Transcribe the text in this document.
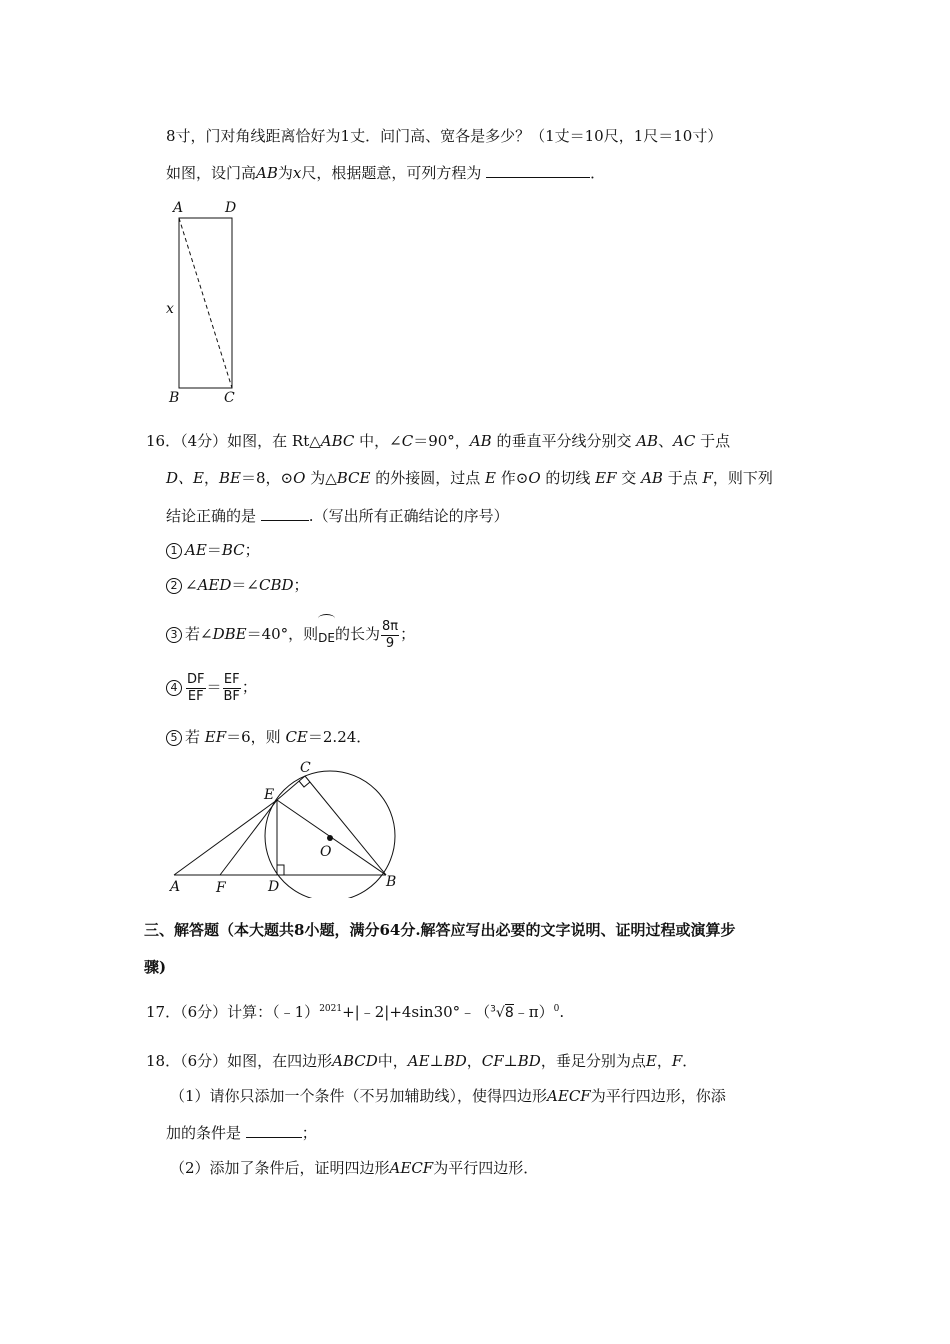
8寸，门对角线距离恰好为1丈．问门高、宽各是多少？（1丈＝10尺，1尺＝10寸）
如图，设门高AB为x尺，根据题意，可列方程为	．
A	D
B	C
x
16．（4分）如图，在 Rt△ABC 中，∠C＝90°，AB 的垂直平分线分别交 AB、AC 于点
D、E，BE＝8，⊙O 为△BCE 的外接圆，过点 E 作⊙O 的切线 EF 交 AB 于点 F，则下列
结论正确的是	.（写出所有正确结论的序号）
1 AE＝BC；
2 ∠AED＝∠CBD；
3 若∠DBE＝40°，则DE的长为 $\frac{8\pi}{9}$ ；
$4 \frac{DF}{EF} = \frac{EF}{BF}$ ；
5 若 EF＝6，则 CE＝2.24．
C
E
O
A	F	D	B
三、解答题（本大题共8小题，满分64分.解答应写出必要的文字说明、证明过程或演算步
骤)
17．（6分）计算：（﹣1）$^{2021}$+|﹣2|+4sin30°﹣（$^3$√8﹣π）$^0$.
18．（6分）如图，在四边形ABCD中，AE⊥BD，CF⊥BD，垂足分别为点E，F．
（1）请你只添加一个条件（不另加辅助线），使得四边形AECF为平行四边形，你添
加的条件是	；
（2）添加了条件后，证明四边形AECF为平行四边形．
